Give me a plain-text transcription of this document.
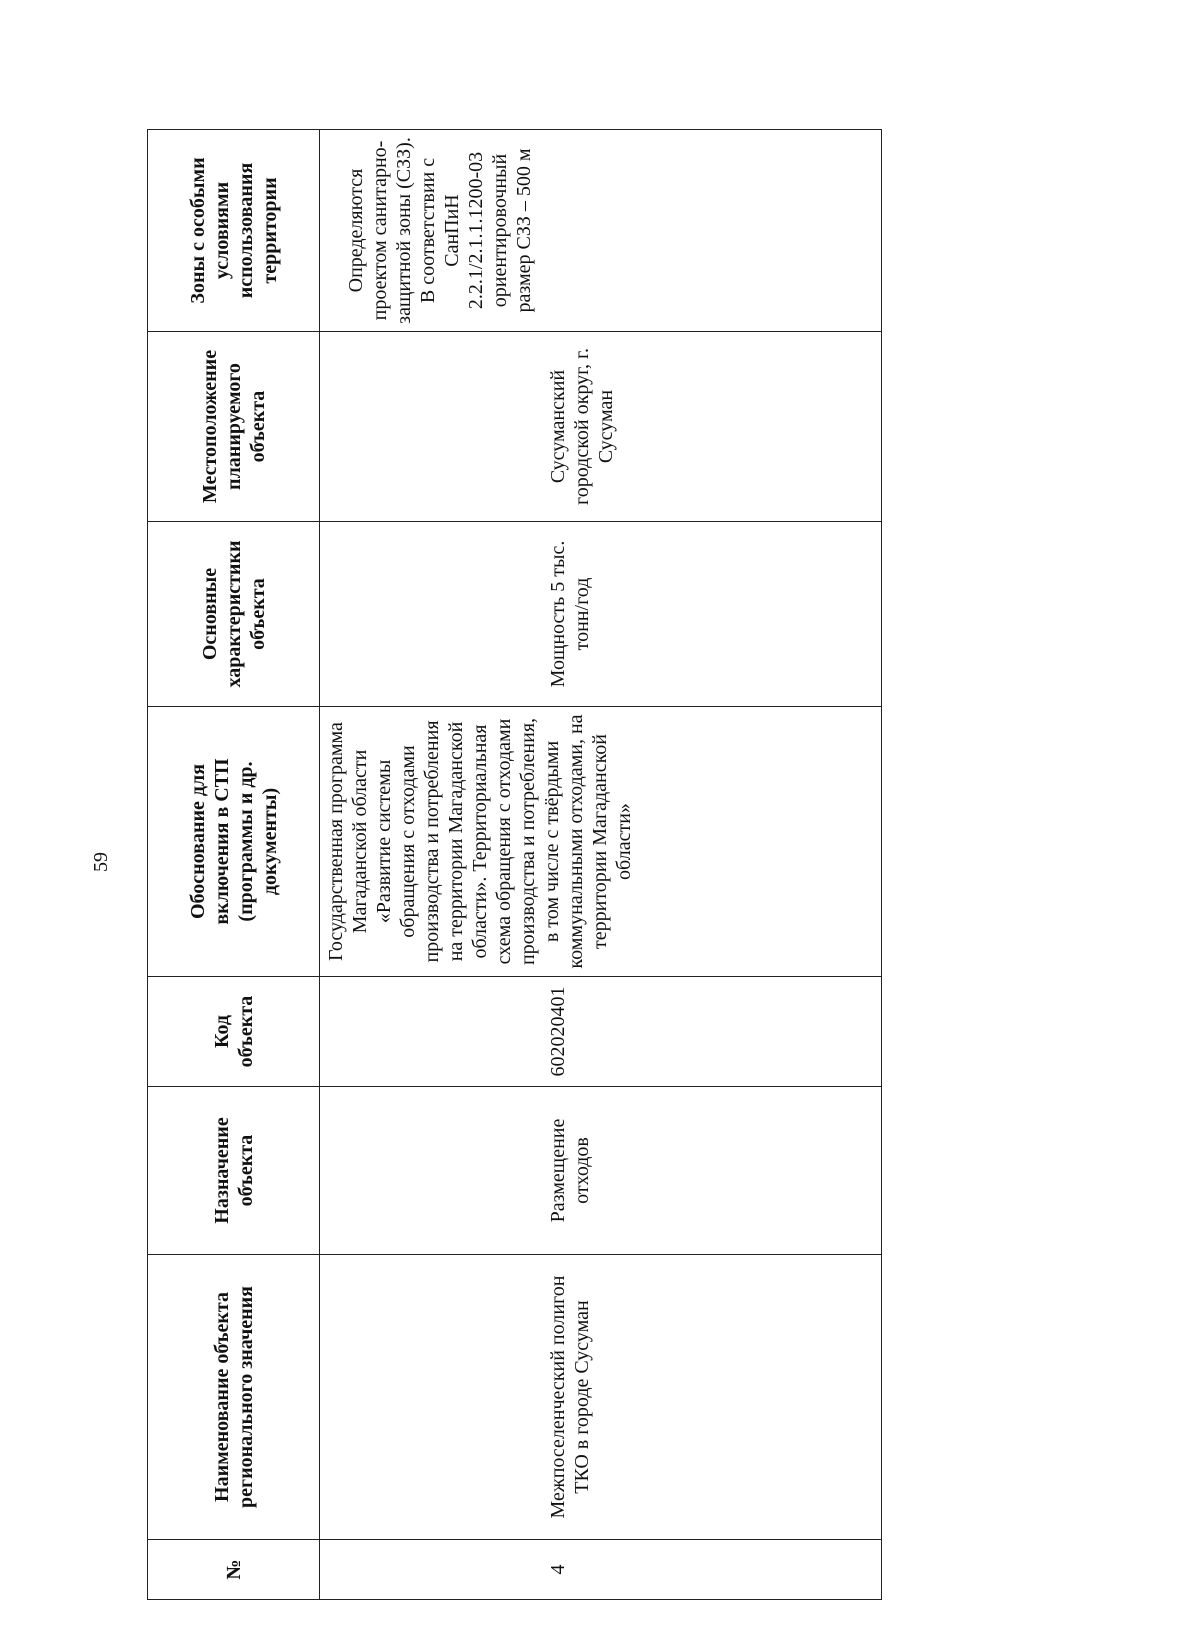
59
№	Наименование объекта регионального значения	Назначение объекта	Код объекта	Обоснование для включения в СТП (программы и др. документы)	Основные характеристики объекта	Местоположение планируемого объекта	Зоны с особыми условиями использования территории

4	Межпоселенческий полигон ТКО в городе Сусуман	Размещение отходов	602020401	Государственная программа Магаданской области «Развитие системы обращения с отходами производства и потребления на территории Магаданской области». Территориальная схема обращения с отходами производства и потребления, в том числе с твёрдыми коммунальными отходами, на территории Магаданской области»	Мощность 5 тыс. тонн/год	Сусуманский городской округ, г. Сусуман	Определяются проектом санитарно-защитной зоны (СЗЗ). В соответствии с СанПиН 2.2.1/2.1.1.1200-03 ориентировочный размер СЗЗ – 500 м
